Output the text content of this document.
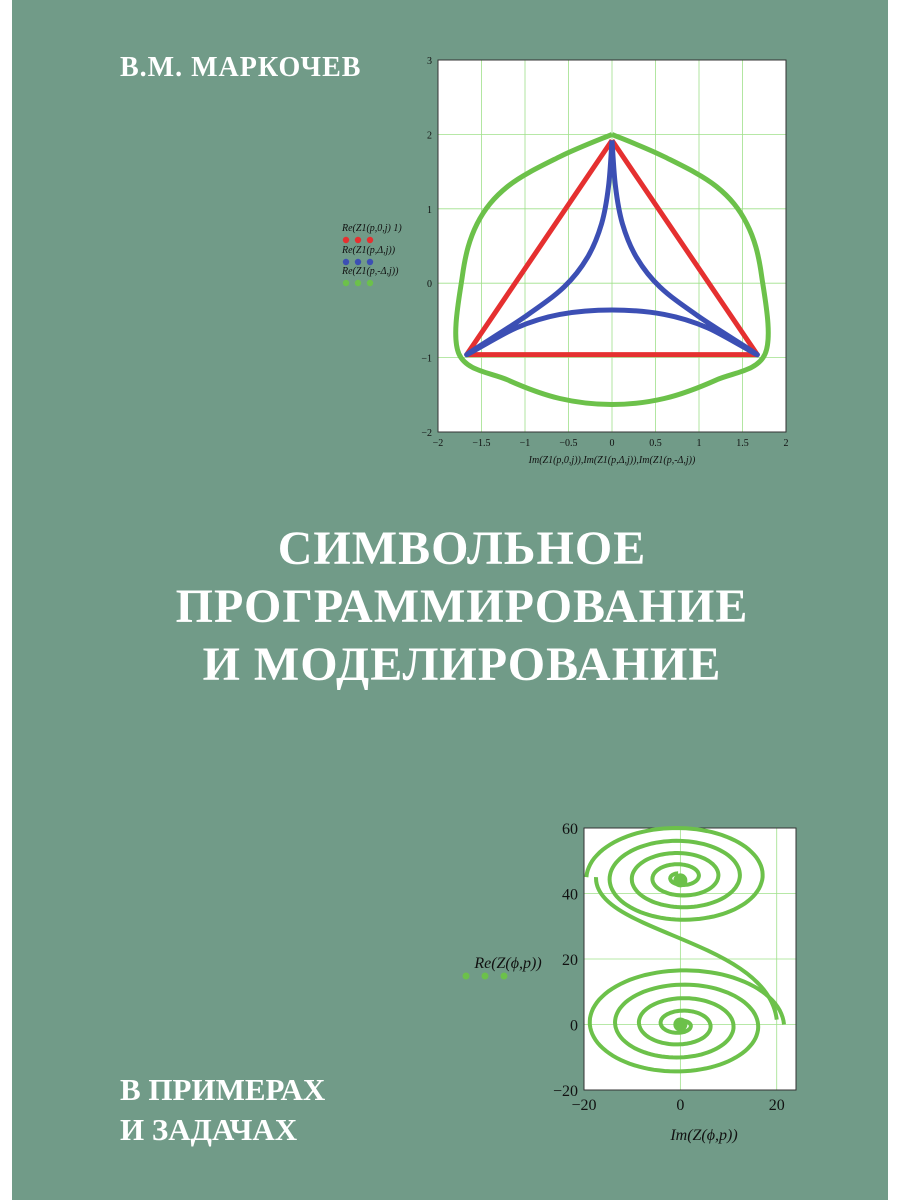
В.М. МАРКОЧЕВ
−2	−1.5	−1	−0.5	0	0.5	1	1.5	2
−2
−1
0
1
2
3
Im(Z1(p,0,j)),Im(Z1(p,Δ,j)),Im(Z1(p,-Δ,j))
Re(Z1(p,0,j) 1)
Re(Z1(p,Δ,j))
Re(Z1(p,-Δ,j))
СИМВОЛЬНОЕ
ПРОГРАММИРОВАНИЕ
И МОДЕЛИРОВАНИЕ
−20	0	20
−20
0
20
40
60
Im(Z(ϕ,p))
Re(Z(ϕ,p))
В ПРИМЕРАХ
И ЗАДАЧАХ
